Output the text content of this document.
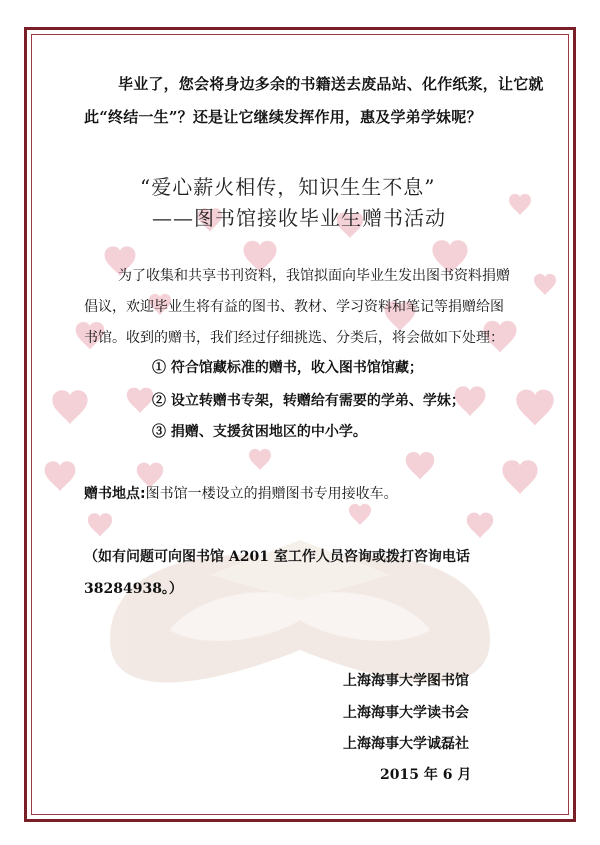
毕业了，您会将身边多余的书籍送去废品站、化作纸浆，让它就
此“终结一生”？还是让它继续发挥作用，惠及学弟学妹呢？
“爱心薪火相传，知识生生不息”
——图书馆接收毕业生赠书活动
为了收集和共享书刊资料，我馆拟面向毕业生发出图书资料捐赠
倡议，欢迎毕业生将有益的图书、教材、学习资料和笔记等捐赠给图
书馆。收到的赠书，我们经过仔细挑选、分类后，将会做如下处理：
① 符合馆藏标准的赠书，收入图书馆馆藏；
② 设立转赠书专架，转赠给有需要的学弟、学妹；
③ 捐赠、支援贫困地区的中小学。
赠书地点:图书馆一楼设立的捐赠图书专用接收车。
（如有问题可向图书馆 A201 室工作人员咨询或拨打咨询电话
38284938。）
上海海事大学图书馆
上海海事大学读书会
上海海事大学诚磊社
2015 年 6 月
